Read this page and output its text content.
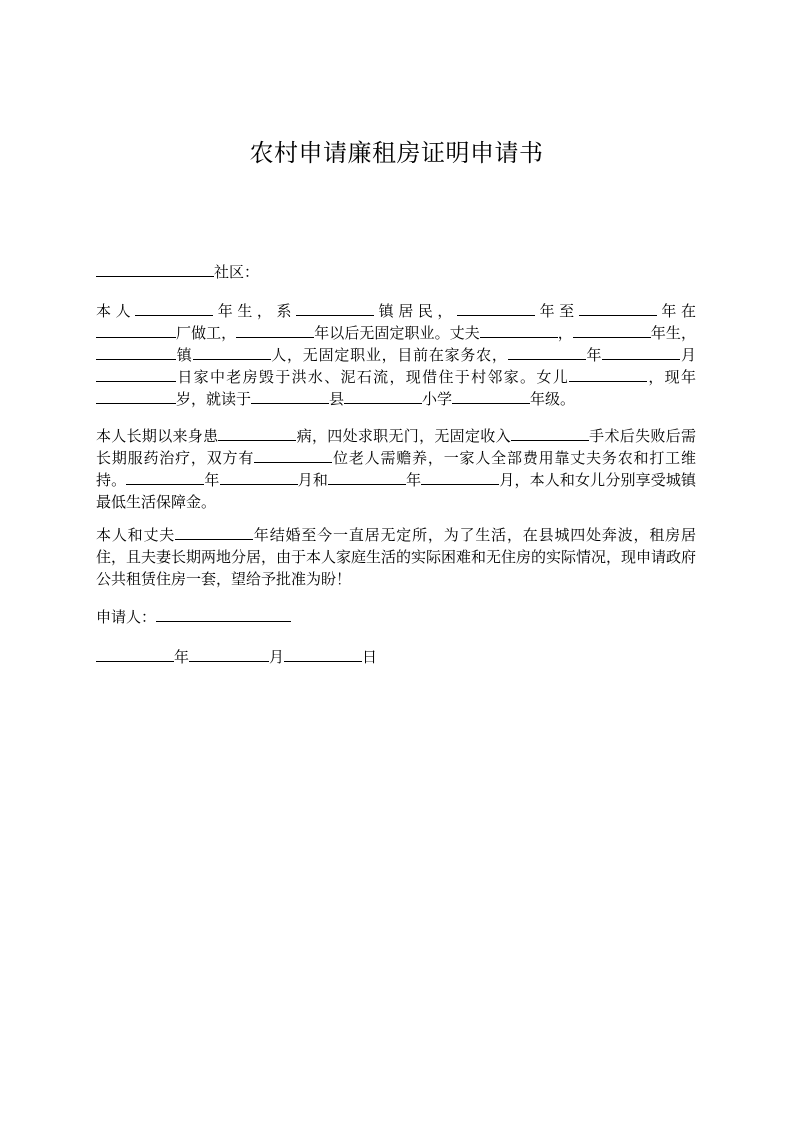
农村申请廉租房证明申请书

社区：

本人	年生，系	镇居民，	年至	年在厂做工，	年以后无固定职业。丈夫	，	年生，镇	人，无固定职业，目前在家务农，	年	月日家中老房毁于洪水、泥石流，现借住于村邻家。女儿	，现年岁，就读于	县	小学	年级。

本人长期以来身患	病，四处求职无门，无固定收入	手术后失败后需长期服药治疗，双方有	位老人需赡养，一家人全部费用靠丈夫务农和打工维持。	年	月和	年	月，本人和女儿分别享受城镇最低生活保障金。

本人和丈夫	年结婚至今一直居无定所，为了生活，在县城四处奔波，租房居住，且夫妻长期两地分居，由于本人家庭生活的实际困难和无住房的实际情况，现申请政府公共租赁住房一套，望给予批准为盼！

申请人：

年	月	日
